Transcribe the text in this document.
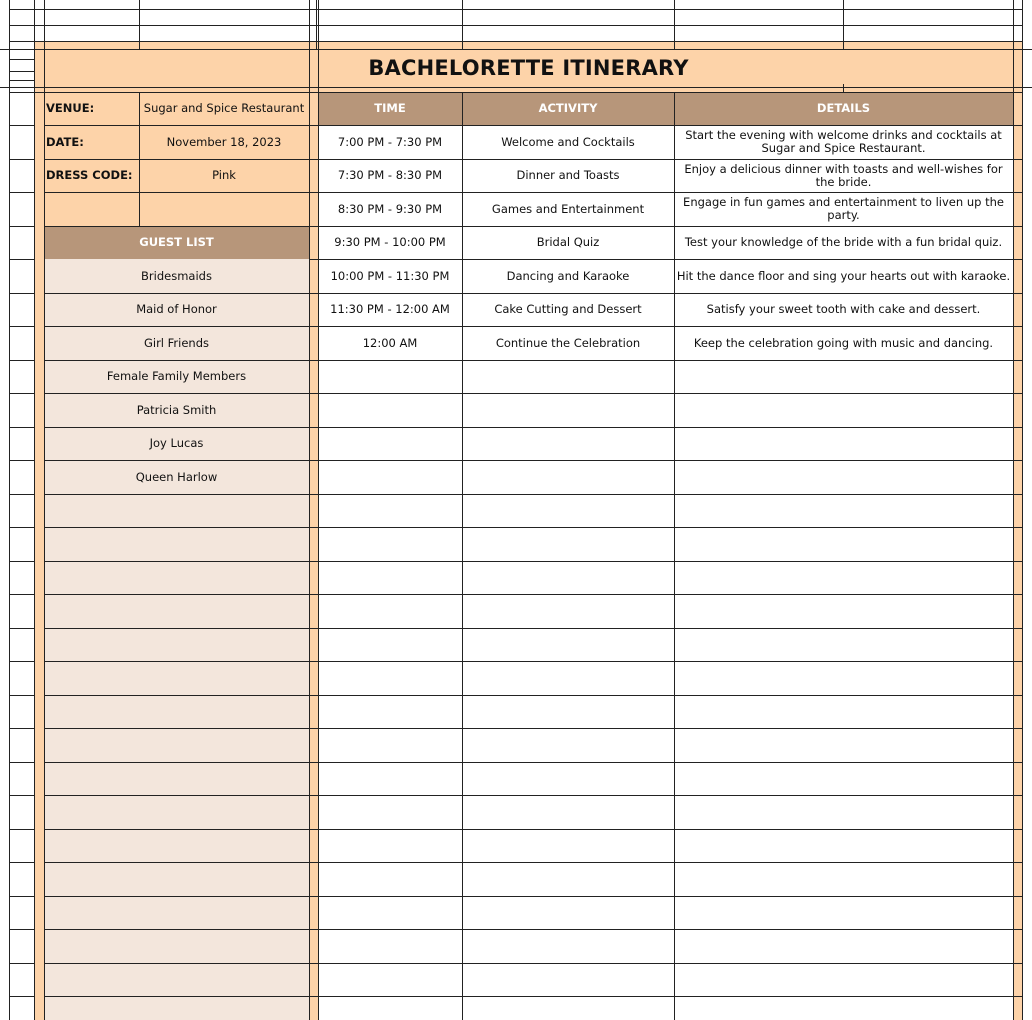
BACHELORETTE ITINERARY
VENUE:	Sugar and Spice Restaurant
DATE:	November 18, 2023
DRESS CODE:	Pink
GUEST LIST
Bridesmaids
Maid of Honor
Girl Friends
Female Family Members
Patricia Smith
Joy Lucas
Queen Harlow
TIME	ACTIVITY	DETAILS
7:00 PM - 7:30 PM	Welcome and Cocktails	Start the evening with welcome drinks and cocktails at Sugar and Spice Restaurant.
7:30 PM - 8:30 PM	Dinner and Toasts	Enjoy a delicious dinner with toasts and well-wishes for the bride.
8:30 PM - 9:30 PM	Games and Entertainment	Engage in fun games and entertainment to liven up the party.
9:30 PM - 10:00 PM	Bridal Quiz	Test your knowledge of the bride with a fun bridal quiz.
10:00 PM - 11:30 PM	Dancing and Karaoke	Hit the dance floor and sing your hearts out with karaoke.
11:30 PM - 12:00 AM	Cake Cutting and Dessert	Satisfy your sweet tooth with cake and dessert.
12:00 AM	Continue the Celebration	Keep the celebration going with music and dancing.
